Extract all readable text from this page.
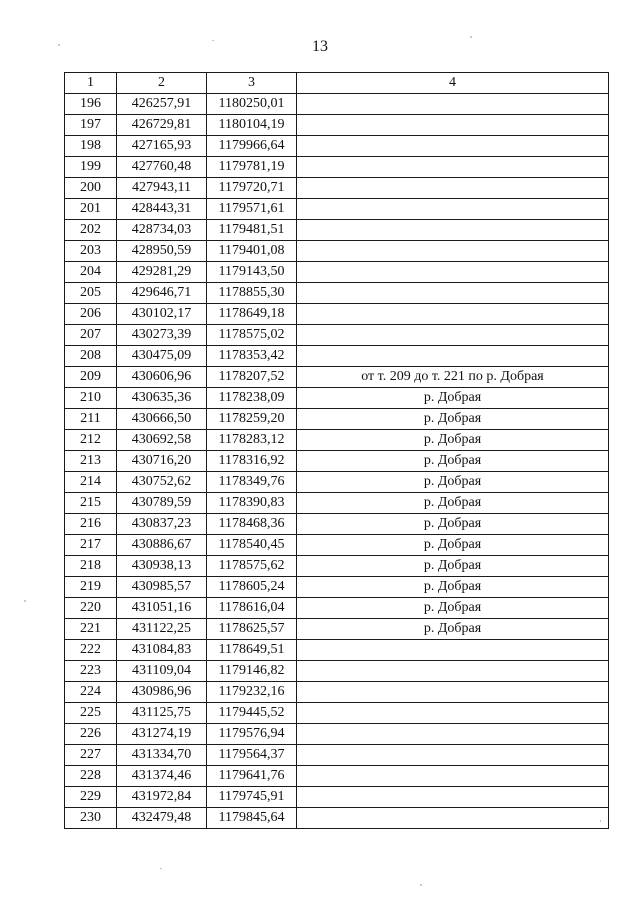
13
1	2	3	4
196	426257,91	1180250,01	
197	426729,81	1180104,19	
198	427165,93	1179966,64	
199	427760,48	1179781,19	
200	427943,11	1179720,71	
201	428443,31	1179571,61	
202	428734,03	1179481,51	
203	428950,59	1179401,08	
204	429281,29	1179143,50	
205	429646,71	1178855,30	
206	430102,17	1178649,18	
207	430273,39	1178575,02	
208	430475,09	1178353,42	
209	430606,96	1178207,52	от т. 209 до т. 221 по р. Добрая
210	430635,36	1178238,09	р. Добрая
211	430666,50	1178259,20	р. Добрая
212	430692,58	1178283,12	р. Добрая
213	430716,20	1178316,92	р. Добрая
214	430752,62	1178349,76	р. Добрая
215	430789,59	1178390,83	р. Добрая
216	430837,23	1178468,36	р. Добрая
217	430886,67	1178540,45	р. Добрая
218	430938,13	1178575,62	р. Добрая
219	430985,57	1178605,24	р. Добрая
220	431051,16	1178616,04	р. Добрая
221	431122,25	1178625,57	р. Добрая
222	431084,83	1178649,51	
223	431109,04	1179146,82	
224	430986,96	1179232,16	
225	431125,75	1179445,52	
226	431274,19	1179576,94	
227	431334,70	1179564,37	
228	431374,46	1179641,76	
229	431972,84	1179745,91	
230	432479,48	1179845,64	
